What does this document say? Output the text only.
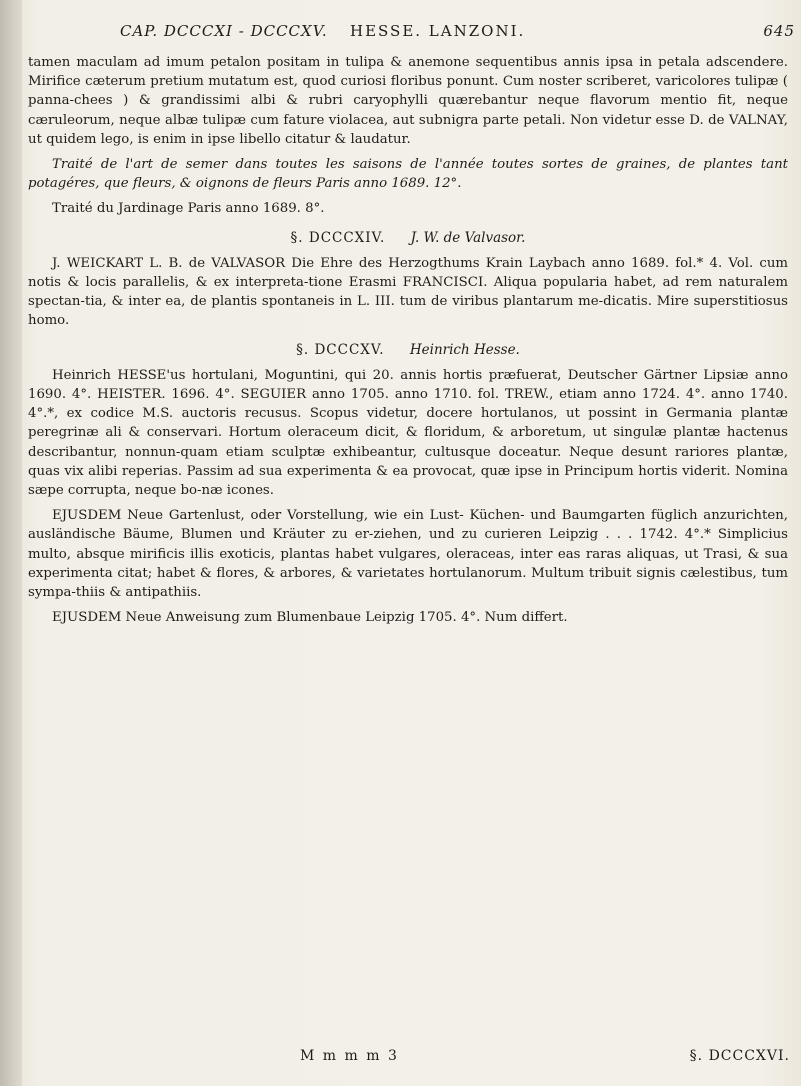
CAP. DCCCXI - DCCCXV. HESSE. LANZONI.	645

tamen maculam ad imum petalon positam in tulipa & anemone sequentibus annis ipsa in petala adscendere. Mirifice cæterum pretium mutatum est, quod curiosi floribus ponunt. Cum noster scriberet, varicolores tulipæ ( panna-chees ) & grandissimi albi & rubri caryophylli quærebantur neque flavorum mentio fit, neque cæruleorum, neque albæ tulipæ cum fature violacea, aut subnigra parte petali. Non videtur esse D. de VALNAY, ut quidem lego, is enim in ipse libello citatur & laudatur.

Traité de l'art de semer dans toutes les saisons de l'année toutes sortes de graines, de plantes tant potagéres, que fleurs, & oignons de fleurs Paris anno 1689. 12°.

Traité du Jardinage Paris anno 1689. 8°.

§. DCCCXIV. J. W. de Valvasor.

J. WEICKART L. B. de VALVASOR Die Ehre des Herzogthums Krain Laybach anno 1689. fol.* 4. Vol. cum notis & locis parallelis, & ex interpreta-tione Erasmi FRANCISCI. Aliqua popularia habet, ad rem naturalem spectan-tia, & inter ea, de plantis spontaneis in L. III. tum de viribus plantarum me-dicatis. Mire superstitiosus homo.

§. DCCCXV. Heinrich Hesse.

Heinrich HESSE'us hortulani, Moguntini, qui 20. annis hortis præfuerat, Deutscher Gärtner Lipsiæ anno 1690. 4°. HEISTER. 1696. 4°. SEGUIER anno 1705. anno 1710. fol. TREW., etiam anno 1724. 4°. anno 1740. 4°.*, ex codice M.S. auctoris recusus. Scopus videtur, docere hortulanos, ut possint in Germania plantæ peregrinæ ali & conservari. Hortum oleraceum dicit, & floridum, & arboretum, ut singulæ plantæ hactenus describantur, nonnun-quam etiam sculptæ exhibeantur, cultusque doceatur. Neque desunt rariores plantæ, quas vix alibi reperias. Passim ad sua experimenta & ea provocat, quæ ipse in Principum hortis viderit. Nomina sæpe corrupta, neque bo-næ icones.

EJUSDEM Neue Gartenlust, oder Vorstellung, wie ein Lust- Küchen- und Baumgarten füglich anzurichten, ausländische Bäume, Blumen und Kräuter zu er-ziehen, und zu curieren Leipzig . . . 1742. 4°.* Simplicius multo, absque mirificis illis exoticis, plantas habet vulgares, oleraceas, inter eas raras aliquas, ut Trasi, & sua experimenta citat; habet & flores, & arbores, & varietates hortulanorum. Multum tribuit signis cælestibus, tum sympa-thiis & antipathiis.

EJUSDEM Neue Anweisung zum Blumenbaue Leipzig 1705. 4°. Num differt.

M m m m 3	§. DCCCXVI.
